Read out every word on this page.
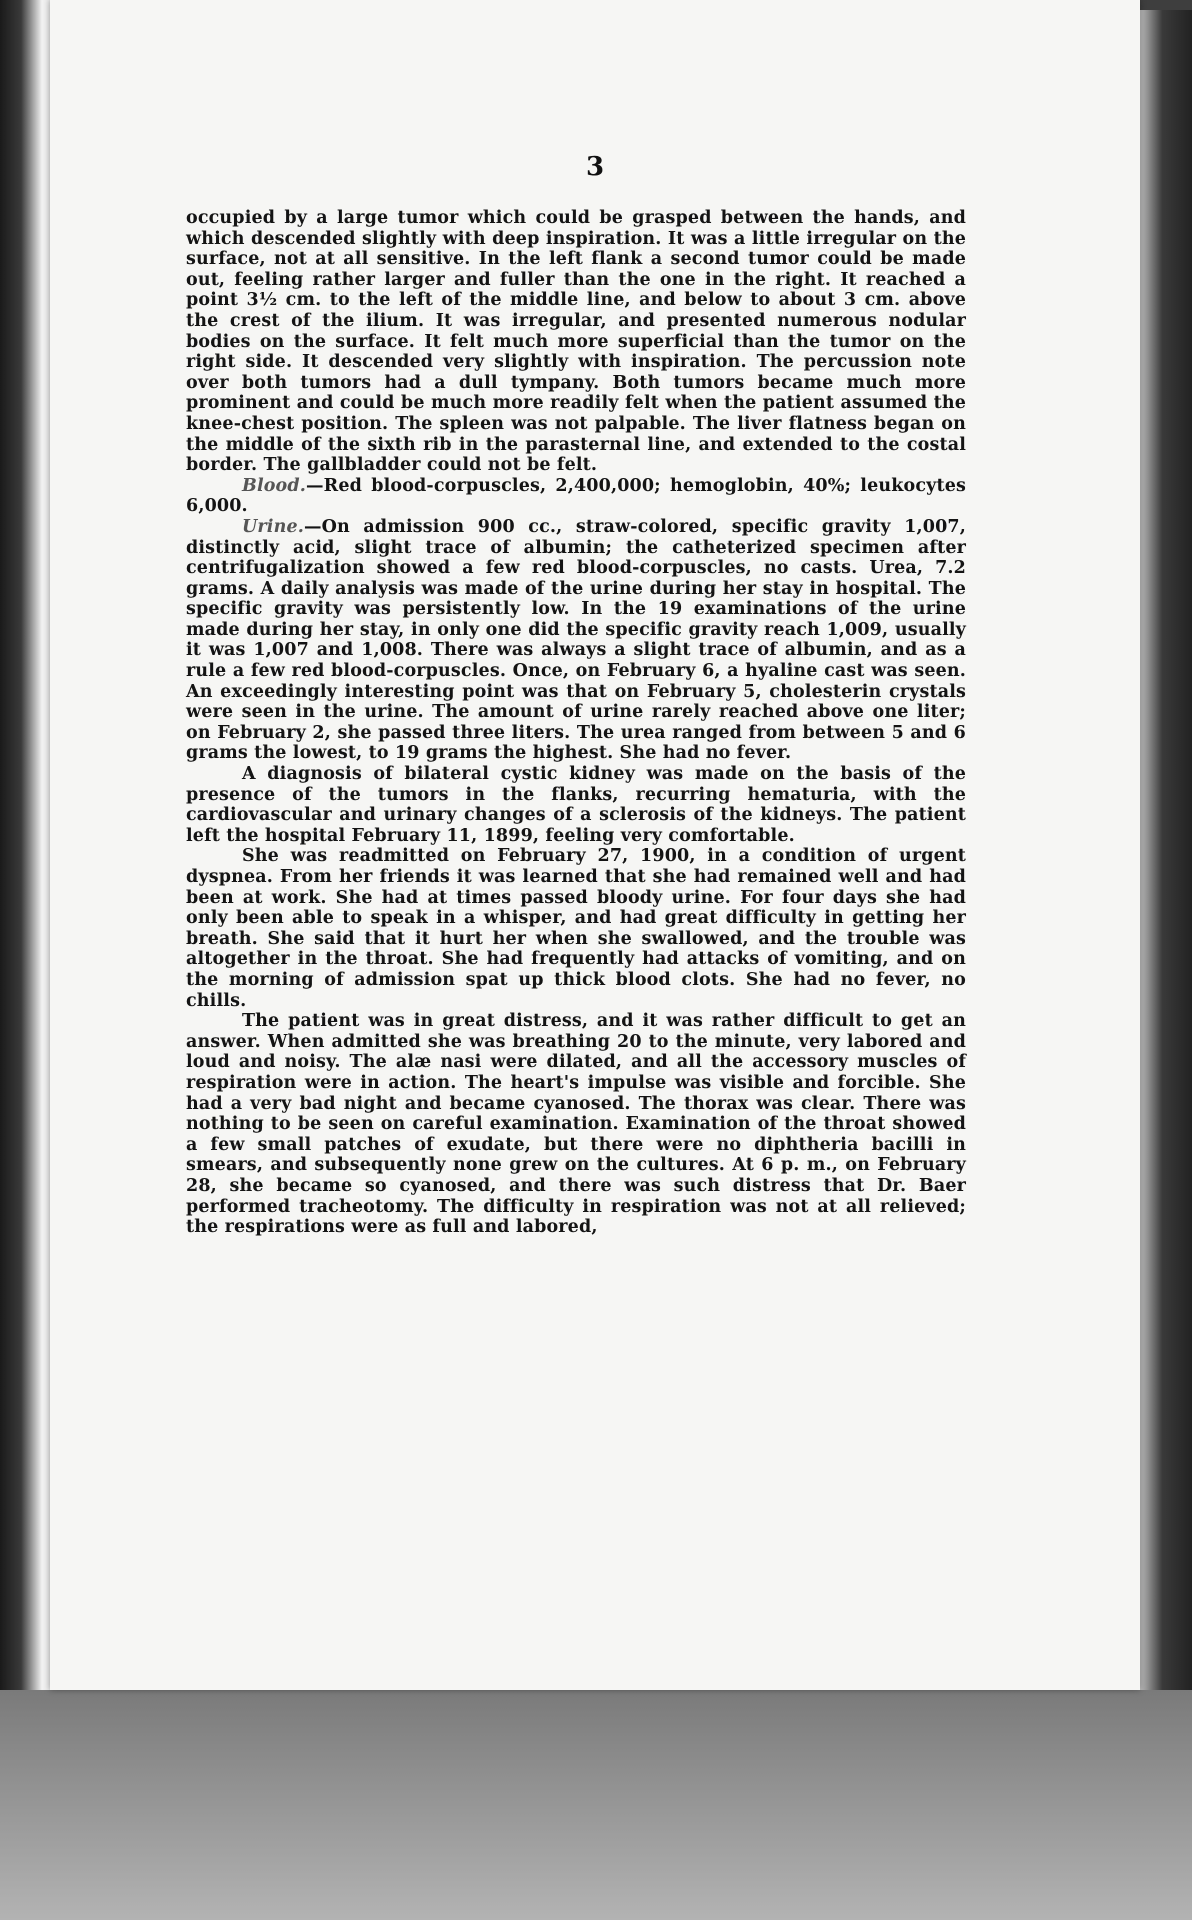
3

occupied by a large tumor which could be grasped between the hands, and which descended slightly with deep inspiration. It was a little irregular on the surface, not at all sensitive. In the left flank a second tumor could be made out, feeling rather larger and fuller than the one in the right. It reached a point 3½ cm. to the left of the middle line, and below to about 3 cm. above the crest of the ilium. It was irregular, and presented numerous nodular bodies on the surface. It felt much more superficial than the tumor on the right side. It descended very slightly with inspiration. The percussion note over both tumors had a dull tympany. Both tumors became much more prominent and could be much more readily felt when the patient assumed the knee-chest position. The spleen was not palpable. The liver flatness began on the middle of the sixth rib in the parasternal line, and extended to the costal border. The gallbladder could not be felt.

Blood.—Red blood-corpuscles, 2,400,000; hemoglobin, 40%; leukocytes 6,000.

Urine.—On admission 900 cc., straw-colored, specific gravity 1,007, distinctly acid, slight trace of albumin; the catheterized specimen after centrifugalization showed a few red blood-corpuscles, no casts. Urea, 7.2 grams. A daily analysis was made of the urine during her stay in hospital. The specific gravity was persistently low. In the 19 examinations of the urine made during her stay, in only one did the specific gravity reach 1,009, usually it was 1,007 and 1,008. There was always a slight trace of albumin, and as a rule a few red blood-corpuscles. Once, on February 6, a hyaline cast was seen. An exceedingly interesting point was that on February 5, cholesterin crystals were seen in the urine. The amount of urine rarely reached above one liter; on February 2, she passed three liters. The urea ranged from between 5 and 6 grams the lowest, to 19 grams the highest. She had no fever.

A diagnosis of bilateral cystic kidney was made on the basis of the presence of the tumors in the flanks, recurring hematuria, with the cardiovascular and urinary changes of a sclerosis of the kidneys. The patient left the hospital February 11, 1899, feeling very comfortable.

She was readmitted on February 27, 1900, in a condition of urgent dyspnea. From her friends it was learned that she had remained well and had been at work. She had at times passed bloody urine. For four days she had only been able to speak in a whisper, and had great difficulty in getting her breath. She said that it hurt her when she swallowed, and the trouble was altogether in the throat. She had frequently had attacks of vomiting, and on the morning of admission spat up thick blood clots. She had no fever, no chills.

The patient was in great distress, and it was rather difficult to get an answer. When admitted she was breathing 20 to the minute, very labored and loud and noisy. The alæ nasi were dilated, and all the accessory muscles of respiration were in action. The heart's impulse was visible and forcible. She had a very bad night and became cyanosed. The thorax was clear. There was nothing to be seen on careful examination. Examination of the throat showed a few small patches of exudate, but there were no diphtheria bacilli in smears, and subsequently none grew on the cultures. At 6 p. m., on February 28, she became so cyanosed, and there was such distress that Dr. Baer performed tracheotomy. The difficulty in respiration was not at all relieved; the respirations were as full and labored,
